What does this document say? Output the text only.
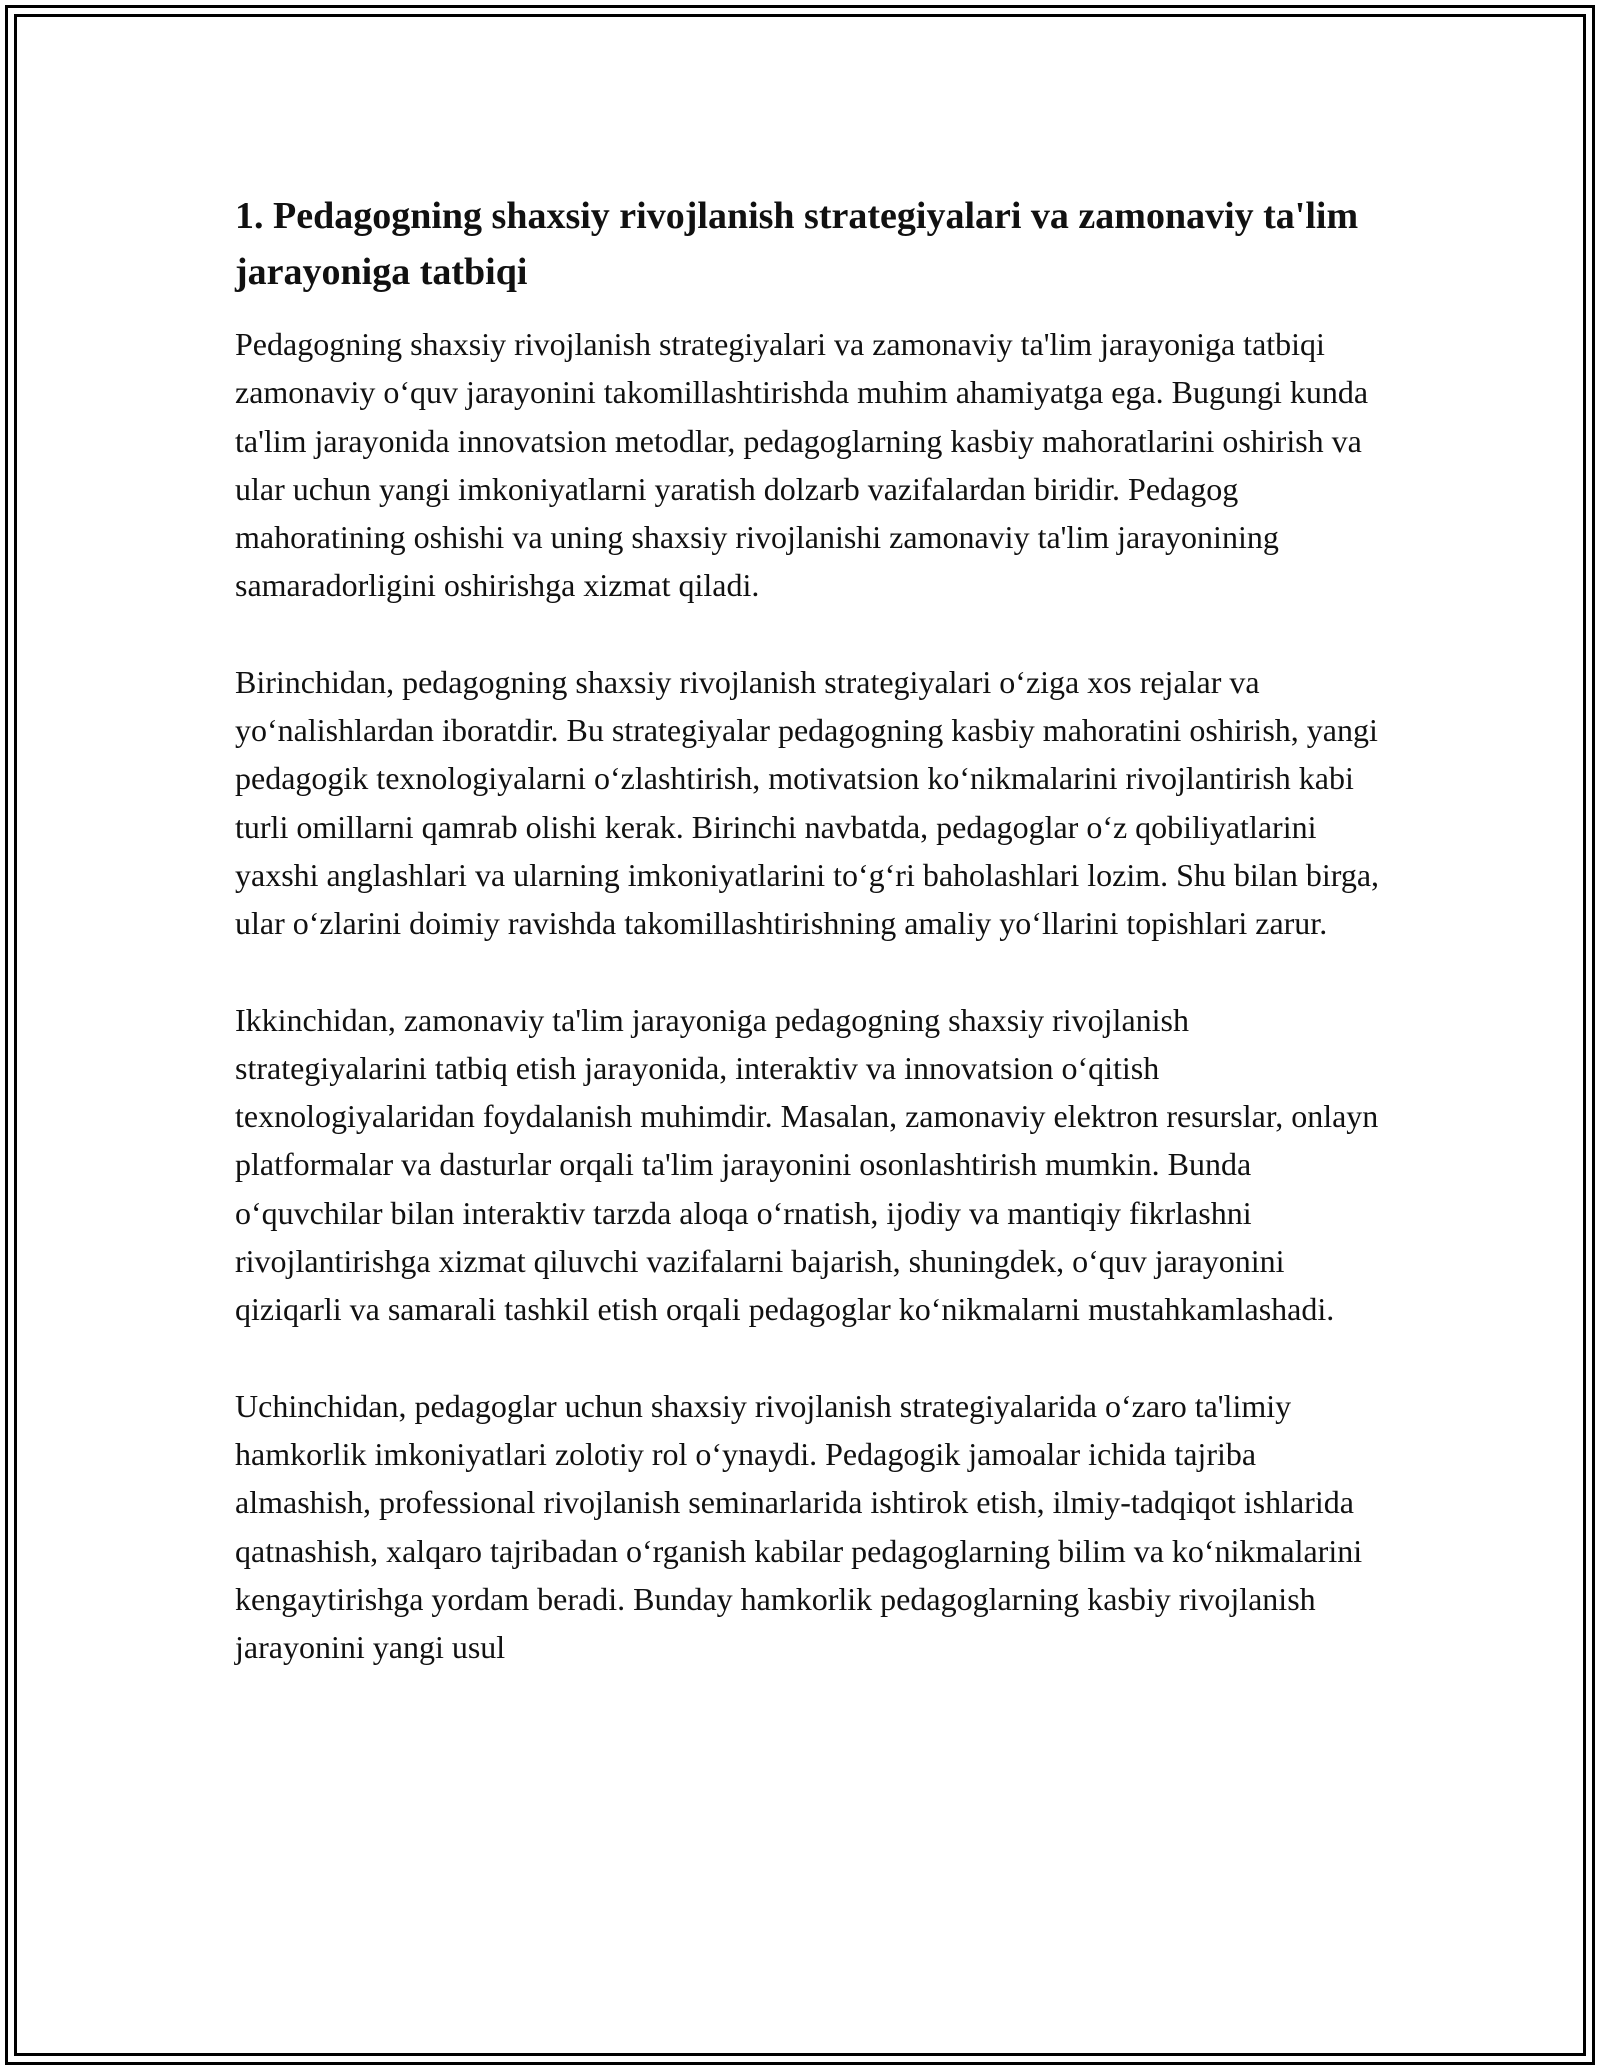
1. Pedagogning shaxsiy rivojlanish strategiyalari va zamonaviy ta'lim jarayoniga tatbiqi

Pedagogning shaxsiy rivojlanish strategiyalari va zamonaviy ta'lim jarayoniga tatbiqi zamonaviy o‘quv jarayonini takomillashtirishda muhim ahamiyatga ega. Bugungi kunda ta'lim jarayonida innovatsion metodlar, pedagoglarning kasbiy mahoratlarini oshirish va ular uchun yangi imkoniyatlarni yaratish dolzarb vazifalardan biridir. Pedagog mahoratining oshishi va uning shaxsiy rivojlanishi zamonaviy ta'lim jarayonining samaradorligini oshirishga xizmat qiladi.

Birinchidan, pedagogning shaxsiy rivojlanish strategiyalari o‘ziga xos rejalar va yo‘nalishlardan iboratdir. Bu strategiyalar pedagogning kasbiy mahoratini oshirish, yangi pedagogik texnologiyalarni o‘zlashtirish, motivatsion ko‘nikmalarini rivojlantirish kabi turli omillarni qamrab olishi kerak. Birinchi navbatda, pedagoglar o‘z qobiliyatlarini yaxshi anglashlari va ularning imkoniyatlarini to‘g‘ri baholashlari lozim. Shu bilan birga, ular o‘zlarini doimiy ravishda takomillashtirishning amaliy yo‘llarini topishlari zarur.

Ikkinchidan, zamonaviy ta'lim jarayoniga pedagogning shaxsiy rivojlanish strategiyalarini tatbiq etish jarayonida, interaktiv va innovatsion o‘qitish texnologiyalaridan foydalanish muhimdir. Masalan, zamonaviy elektron resurslar, onlayn platformalar va dasturlar orqali ta'lim jarayonini osonlashtirish mumkin. Bunda o‘quvchilar bilan interaktiv tarzda aloqa o‘rnatish, ijodiy va mantiqiy fikrlashni rivojlantirishga xizmat qiluvchi vazifalarni bajarish, shuningdek, o‘quv jarayonini qiziqarli va samarali tashkil etish orqali pedagoglar ko‘nikmalarni mustahkamlashadi.

Uchinchidan, pedagoglar uchun shaxsiy rivojlanish strategiyalarida o‘zaro ta'limiy hamkorlik imkoniyatlari zolotiy rol o‘ynaydi. Pedagogik jamoalar ichida tajriba almashish, professional rivojlanish seminarlarida ishtirok etish, ilmiy-tadqiqot ishlarida qatnashish, xalqaro tajribadan o‘rganish kabilar pedagoglarning bilim va ko‘nikmalarini kengaytirishga yordam beradi. Bunday hamkorlik pedagoglarning kasbiy rivojlanish jarayonini yangi usul
